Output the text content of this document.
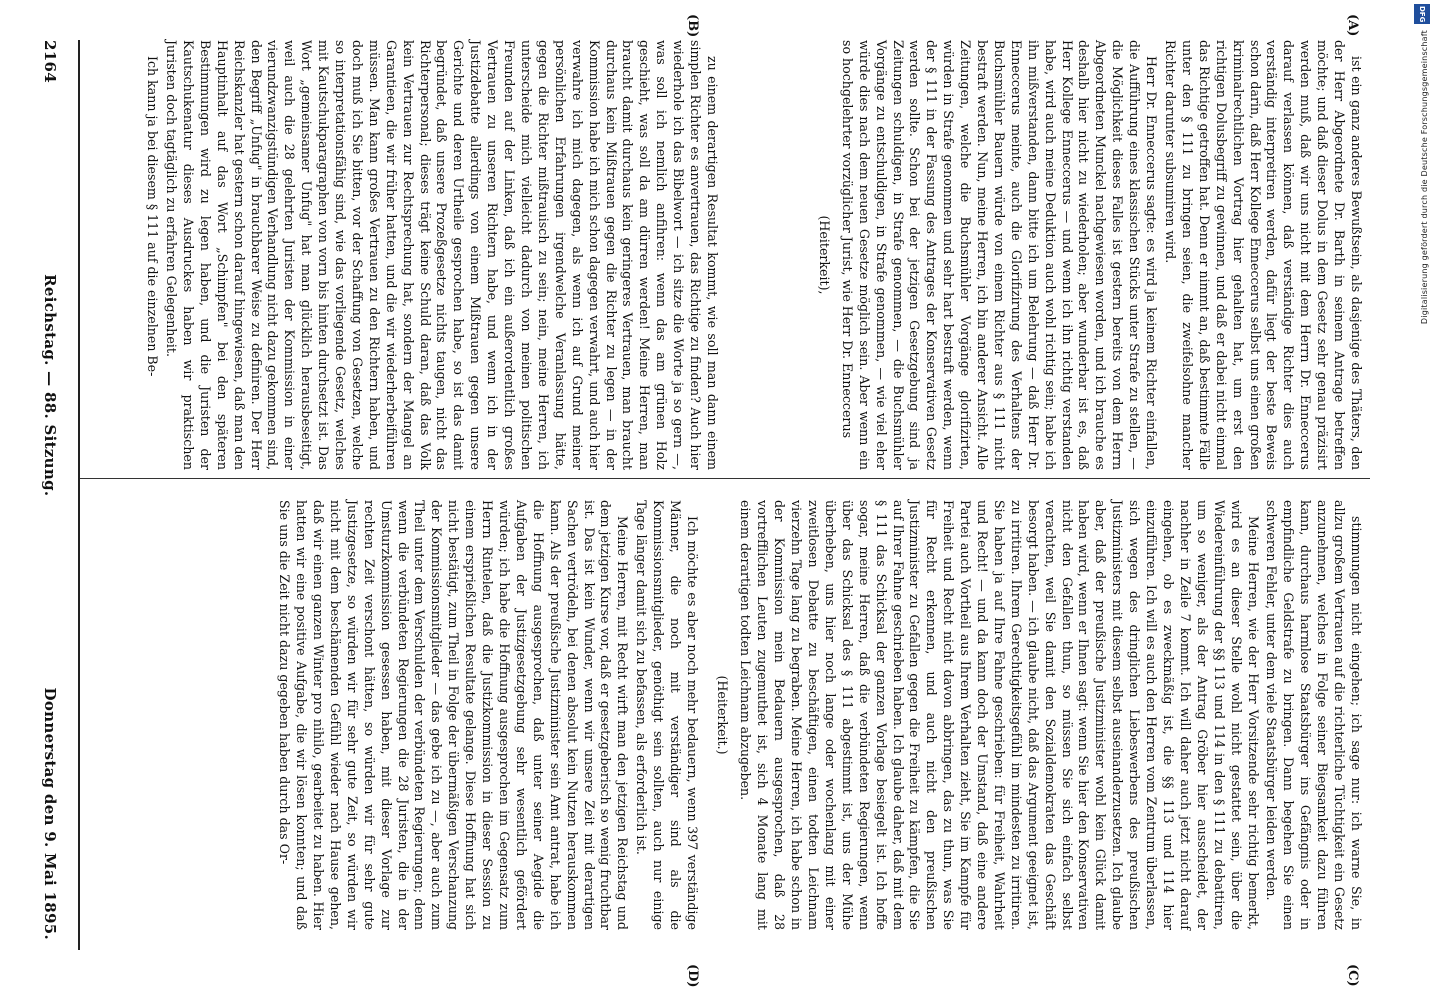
2164
Reichstag. — 88. Sitzung.
Donnerstag den 9. Mai 1895.
(A)
(B)
(C)
(D)

ist ein ganz anderes Bewußtsein, als dasjenige des Thäters, den der Herr Abgeordnete Dr. Barth in seinem Antrage betreffen möchte; und daß dieser Dolus in dem Gesetz sehr genau präzisirt werden muß, daß wir uns nicht mit dem Herrn Dr. Enneccerus darauf verlassen können, daß verständige Richter dies auch verständig interpretiren werden, dafür liegt der beste Beweis schon darin, daß Herr Kollege Enneccerus selbst uns einen großen kriminalrechtlichen Vortrag hier gehalten hat, um erst den richtigen Dolusbegriff zu gewinnen, und daß er dabei nicht einmal das Richtige getroffen hat. Denn er nimmt an, daß bestimmte Fälle unter den § 111 zu bringen seien, die zweifelsohne mancher Richter darunter subsumiren wird.

Herr Dr. Enneccerus sagte: es wird ja keinem Richter einfallen, die Aufführung eines klassischen Stücks unter Strafe zu stellen, — die Möglichkeit dieses Falles ist gestern bereits von dem Herrn Abgeordneten Munckel nachgewiesen worden, und ich brauche es deshalb hier nicht zu wiederholen; aber wunderbar ist es, daß Herr Kollege Enneccerus — und wenn ich ihn richtig verstanden habe, wird auch meine Deduktion auch wohl richtig sein; habe ich ihn mißverstanden, dann bitte ich um Belehrung — daß Herr Dr. Enneccerus meinte, auch die Glorifizirung des Verhaltens der Buchsmühler Bauern würde von einem Richter aus § 111 nicht bestraft werden. Nun, meine Herren, ich bin anderer Ansicht. Alle Zeitungen, welche die Buchsmühler Vorgänge glorifizirten, würden in Strafe genommen und sehr hart bestraft werden, wenn der § 111 in der Fassung des Antrages der Konservativen Gesetz werden sollte. Schon bei der jetzigen Gesetzgebung sind ja Zeitungen schuldigen, in Strafe genommen, — die Buchsmühler Vorgänge zu entschuldigen, in Strafe genommen, — wie viel eher würde dies nach dem neuen Gesetze möglich sein. Aber wenn ein so hochgelehrter vorzüglicher Jurist, wie Herr Dr. Enneccerus

(Heiterkeit),

zu einem derartigen Resultat kommt, wie soll man dann einem simplen Richter es anvertrauen, das Richtige zu finden? Auch hier wiederhole ich das Bibelwort — ich sitze die Worte ja so gern —, was soll ich nemlich anfihren: wenn das am grünen Holz geschieht, was soll da am dürren werden! Meine Herren, man braucht damit durchaus kein geringeres Vertrauen, man braucht durchaus kein Mißtrauen gegen die Richter zu legen — in der Kommission habe ich mich schon dagegen verwahrt, und auch hier verwahre ich mich dagegen, als wenn ich auf Grund meiner persönlichen Erfahrungen irgendwelche Veranlassung hätte, gegen die Richter mißtrauisch zu sein; nein, meine Herren, ich unterscheide mich vielleicht dadurch von meinen politischen Freunden auf der Linken, daß ich ein außerordentlich großes Vertrauen zu unseren Richtern habe, und wenn ich in der Justizdebatte allerdings von einem Mißtrauen gegen unsere Gerichte und deren Urtheile gesprochen habe, so ist das damit begründet, daß unsere Prozeßgesetze nichts taugen, nicht das Richterpersonal; dieses trägt keine Schuld daran, daß das Volk kein Vertrauen zur Rechtsprechung hat, sondern der Mangel an Garantieen, die wir früher hatten, und die wir wiederherbeiführen müssen. Man kann großes Vertrauen zu den Richtern haben, und doch muß ich Sie bitten, vor der Schaffung von Gesetzen, welche so interpretationsfähig sind, wie das vorliegende Gesetz, welches mit Kautschukparagraphen von vorn bis hinten durchsetzt ist. Das Wort „gemeinsamer Unfug" hat man glücklich herausbeseitigt, weil auch die 28 gelehrten Juristen der Kommission in einer vierundzwanzigstündigen Verhandlung nicht dazu gekommen sind, den Begriff „Unfug" in brauchbarer Weise zu definiren. Der Herr Reichskanzler hat gestern schon darauf hingewiesen, daß man den Hauptinhalt auf das Wort „Schimpfen" bei den späteren Bestimmungen wird zu legen haben, und die Juristen der Kautschukenatur dieses Ausdruckes haben wir praktischen Juristen doch tagtäglich zu erfahren Gelegenheit.

Ich kann ja bei diesem § 111 auf die einzelnen Be-

stimmungen nicht eingehen; ich sage nur: ich warne Sie, in allzu großem Vertrauen auf die richterliche Tüchtigkeit ein Gesetz anzunehmen, welches in Folge seiner Biegsamkeit dazu führen kann, durchaus harmlose Staatsbürger ins Gefängnis oder in empfindliche Geldstrafe zu bringen. Dann begehen Sie einen schweren Fehler, unter dem viele Staatsbürger leiden werden.

Meine Herren, wie der Herr Vorsitzende sehr richtig bemerkt, wird es an dieser Stelle wohl nicht gestattet sein, über die Wiedereinführung der §§ 113 und 114 in den § 111 zu debattiren, um so weniger, als der Antrag Gröber hier ausscheidet, der nachher in Zeile 7 kommt. Ich will daher auch jetzt nicht darauf eingehen, ob es zweckmäßig ist, die §§ 113 und 114 hier einzuführen. Ich will es auch den Herren vom Zentrum überlassen, sich wegen des dringlichen Liebeswerbens des preußischen Justizministers mit diesem selbst auseinanderzusetzen. Ich glaube aber, daß der preußische Justizminister wohl kein Glück damit haben wird, wenn er Ihnen sagt: wenn Sie hier den Konservativen nicht den Gefallen thun, so müssen Sie sich einfach selbst verachten, weil Sie damit den Sozialdemokraten das Geschäft besorgt haben. — ich glaube nicht, daß das Argument geeignet ist, zu irritiren. Ihrem Gerechtigkeitsgefühl im mindesten zu irritiren. Sie haben ja auf Ihre Fahne geschrieben: für Freiheit, Wahrheit und Recht! — und da kann doch der Umstand, daß eine andere Partei auch Vortheil aus Ihrem Verhalten zieht, Sie im Kampfe für Freiheit und Recht nicht davon abbringen, das zu thun, was Sie für Recht erkennen, und auch nicht den preußischen Justizminister zu Gefallen gegen die Freiheit zu kämpfen, die Sie auf Ihrer Fahne geschrieben haben. Ich glaube daher, daß mit dem § 111 das Schicksal der ganzen Vorlage besiegelt ist. Ich hoffe sogar, meine Herren, daß die verbündeten Regierungen, wenn über das Schicksal des § 111 abgestimmt ist, uns der Mühe überheben, uns hier noch lange oder wochenlang mit einer zweitlosen Debatte zu beschäftigen, einen todten Leichnam vierzehn Tage lang zu begraben. Meine Herren, ich habe schon in der Kommission mein Bedauern ausgesprochen, daß 28 vortrefflichen Leuten zugemuthet ist, sich 4 Monate lang mit einem derartigen todten Leichnam abzugeben.

(Heiterkeit.)

Ich möchte es aber noch mehr bedauern, wenn 397 verständige Männer, die noch mit verständiger sind als die Kommissionsmitglieder, genöthigt sein sollten, auch nur einige Tage länger damit sich zu befassen, als erforderlich ist.

Meine Herren, mit Recht wirft man den jetzigen Reichstag und dem jetzigen Kurse vor, daß er gesetzgeberisch so wenig fruchtbar ist. Das ist kein Wunder, wenn wir unsere Zeit mit derartigen Sachen vertrödeln, bei denen absolut kein Nutzen herauskommen kann. Als der preußische Justizminister sein Amt antrat, habe ich die Hoffnung ausgesprochen, daß unter seiner Aegide die Aufgaben der Justizgesetzgebung sehr wesentlich gefördert würden; ich habe die Hoffnung ausgesprochen im Gegensatz zum Herrn Rintelen, daß die Justizkommission in dieser Session zu einem ersprießlichen Resultate gelange. Diese Hoffnung hat sich nicht bestätigt, zum Theil in Folge der übermäßigen Verschanzung der Kommissionsmitglieder — das gebe ich zu —, aber auch zum Theil unter dem Verschulden der verbündeten Regierungen; denn wenn die verbündeten Regierungen die 28 Juristen, die in der Umsturzkommission gesessen haben, mit dieser Vorlage zur rechten Zeit verschont hätten, so würden wir für sehr gute Justizgesetze, so würden wir für sehr gute Zeit, so würden wir nicht mit dem beschämenden Gefühl wieder nach Hause gehen, daß wir einen ganzen Winter pro nihilo, gearbeitet zu haben. Hier hatten wir eine positive Aufgabe, die wir lösen konnten; und daß Sie uns die Zeit nicht dazu gegeben haben durch das Or-

DFG
Digitalisierung gefördert durch die Deutsche Forschungsgemeinschaft
